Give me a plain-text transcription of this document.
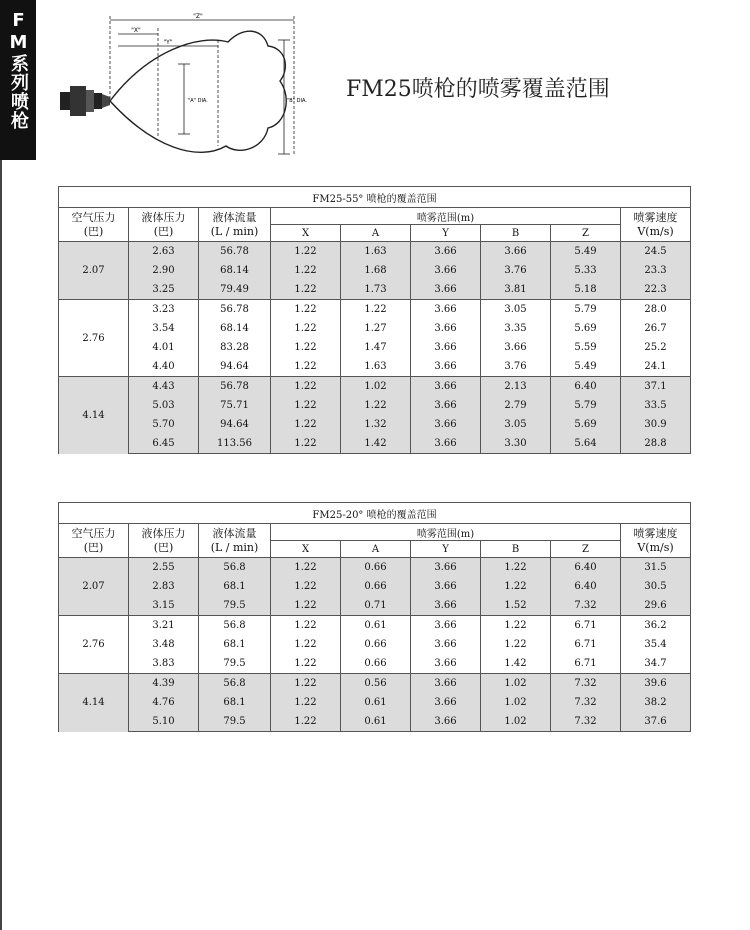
FM系列喷枪	"Z"
"X"
"Y"
"A" DIA.	"B" DIA. FM25喷枪的喷雾覆盖范围
FM25-55° 喷枪的覆盖范围								
空气压力
(巴)	液体压力
(巴)	液体流量
(L / min)	喷雾范围(m)					喷雾速度
V(m/s)
			X	A	Y	B	Z	
2.07	2.63	56.78	1.22	1.63	3.66	3.66	5.49	24.5
	2.90	68.14	1.22	1.68	3.66	3.76	5.33	23.3
	3.25	79.49	1.22	1.73	3.66	3.81	5.18	22.3
2.76	3.23	56.78	1.22	1.22	3.66	3.05	5.79	28.0
	3.54	68.14	1.22	1.27	3.66	3.35	5.69	26.7
	4.01	83.28	1.22	1.47	3.66	3.66	5.59	25.2
	4.40	94.64	1.22	1.63	3.66	3.76	5.49	24.1
4.14	4.43	56.78	1.22	1.02	3.66	2.13	6.40	37.1
	5.03	75.71	1.22	1.22	3.66	2.79	5.79	33.5
	5.70	94.64	1.22	1.32	3.66	3.05	5.69	30.9
	6.45	113.56	1.22	1.42	3.66	3.30	5.64	28.8
FM25-20° 喷枪的覆盖范围								
空气压力
(巴)	液体压力
(巴)	液体流量
(L / min)	喷雾范围(m)					喷雾速度
V(m/s)
			X	A	Y	B	Z	
2.07	2.55	56.8	1.22	0.66	3.66	1.22	6.40	31.5
	2.83	68.1	1.22	0.66	3.66	1.22	6.40	30.5
	3.15	79.5	1.22	0.71	3.66	1.52	7.32	29.6
2.76	3.21	56.8	1.22	0.61	3.66	1.22	6.71	36.2
	3.48	68.1	1.22	0.66	3.66	1.22	6.71	35.4
	3.83	79.5	1.22	0.66	3.66	1.42	6.71	34.7
4.14	4.39	56.8	1.22	0.56	3.66	1.02	7.32	39.6
	4.76	68.1	1.22	0.61	3.66	1.02	7.32	38.2
	5.10	79.5	1.22	0.61	3.66	1.02	7.32	37.6
